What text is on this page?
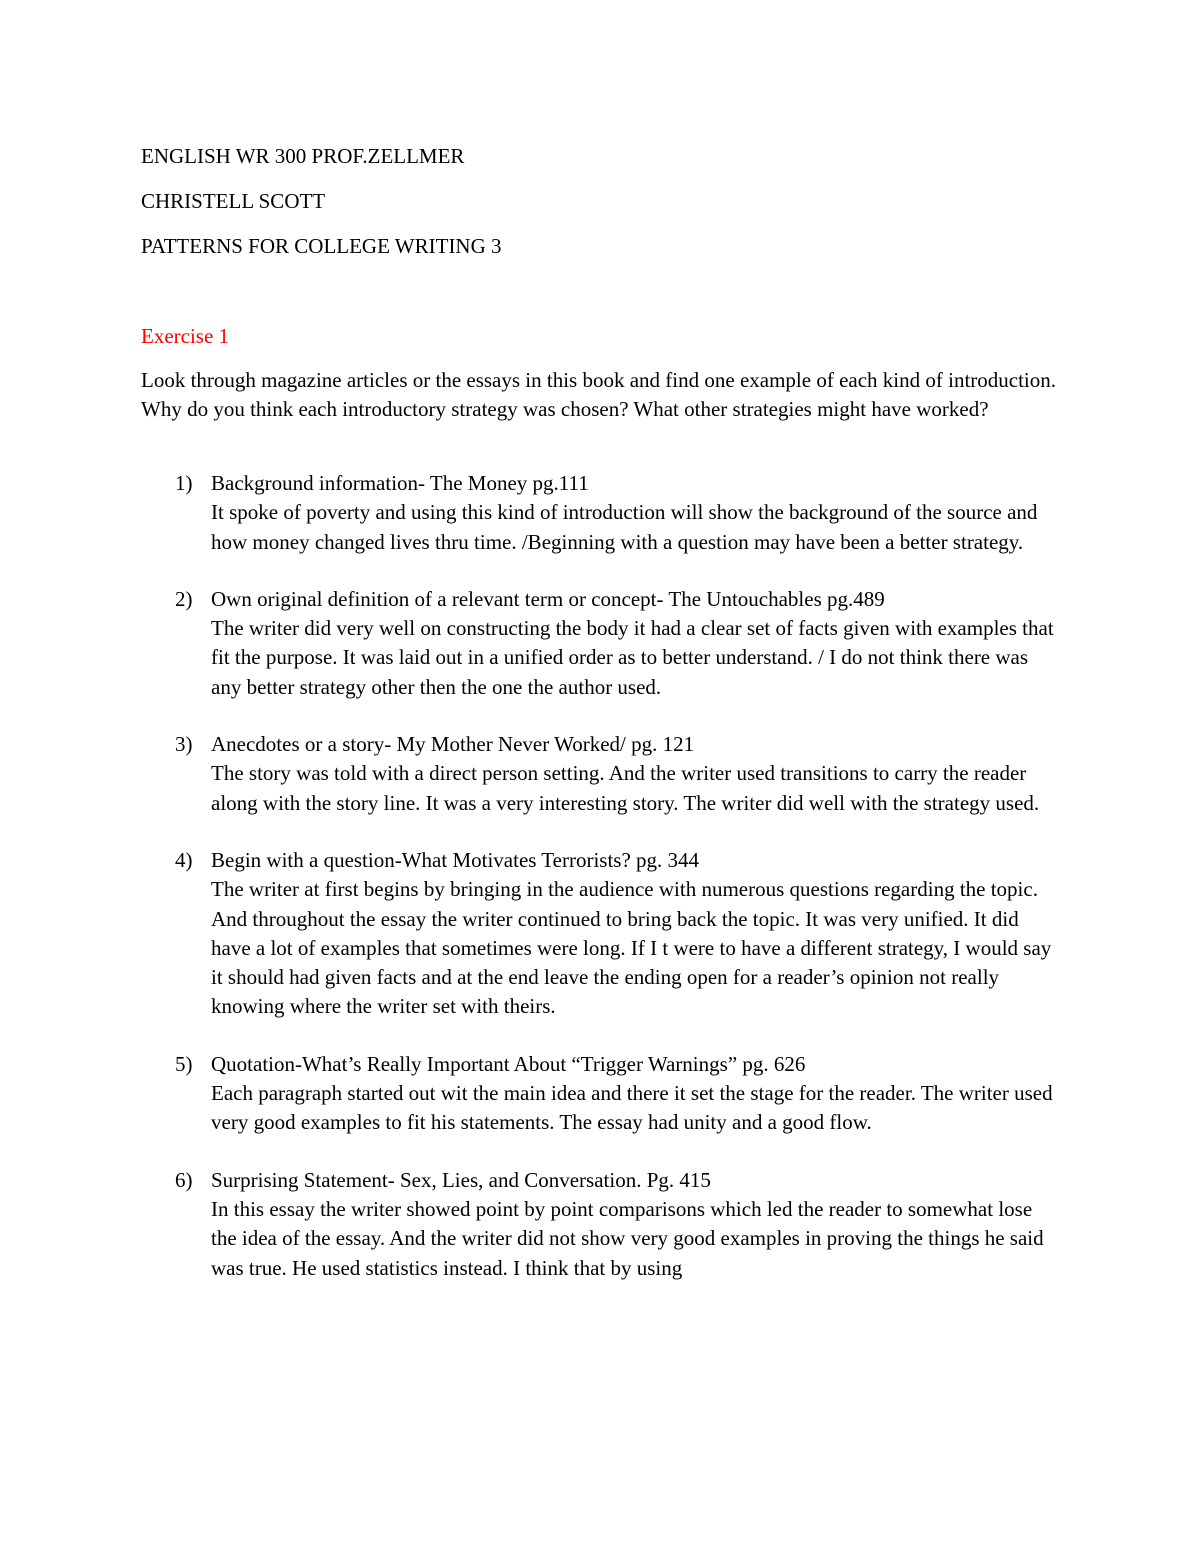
ENGLISH WR 300 PROF.ZELLMER
CHRISTELL SCOTT
PATTERNS FOR COLLEGE WRITING 3
Exercise 1
Look through magazine articles or the essays in this book and find one example of each kind of introduction. Why do you think each introductory strategy was chosen? What other strategies might have worked?
1) Background information- The Money pg.111
It spoke of poverty and using this kind of introduction will show the background of the source and how money changed lives thru time. /Beginning with a question may have been a better strategy.
2) Own original definition of a relevant term or concept- The Untouchables pg.489
The writer did very well on constructing the body it had a clear set of facts given with examples that fit the purpose. It was laid out in a unified order as to better understand. / I do not think there was any better strategy other then the one the author used.
3) Anecdotes or a story- My Mother Never Worked/ pg. 121
The story was told with a direct person setting. And the writer used transitions to carry the reader along with the story line. It was a very interesting story. The writer did well with the strategy used.
4) Begin with a question-What Motivates Terrorists? pg. 344
The writer at first begins by bringing in the audience with numerous questions regarding the topic. And throughout the essay the writer continued to bring back the topic. It was very unified. It did have a lot of examples that sometimes were long. If I t were to have a different strategy, I would say it should had given facts and at the end leave the ending open for a reader’s opinion not really knowing where the writer set with theirs.
5) Quotation-What’s Really Important About “Trigger Warnings” pg. 626
Each paragraph started out wit the main idea and there it set the stage for the reader. The writer used very good examples to fit his statements. The essay had unity and a good flow.
6) Surprising Statement- Sex, Lies, and Conversation. Pg. 415
In this essay the writer showed point by point comparisons which led the reader to somewhat lose the idea of the essay. And the writer did not show very good examples in proving the things he said was true. He used statistics instead. I think that by using
